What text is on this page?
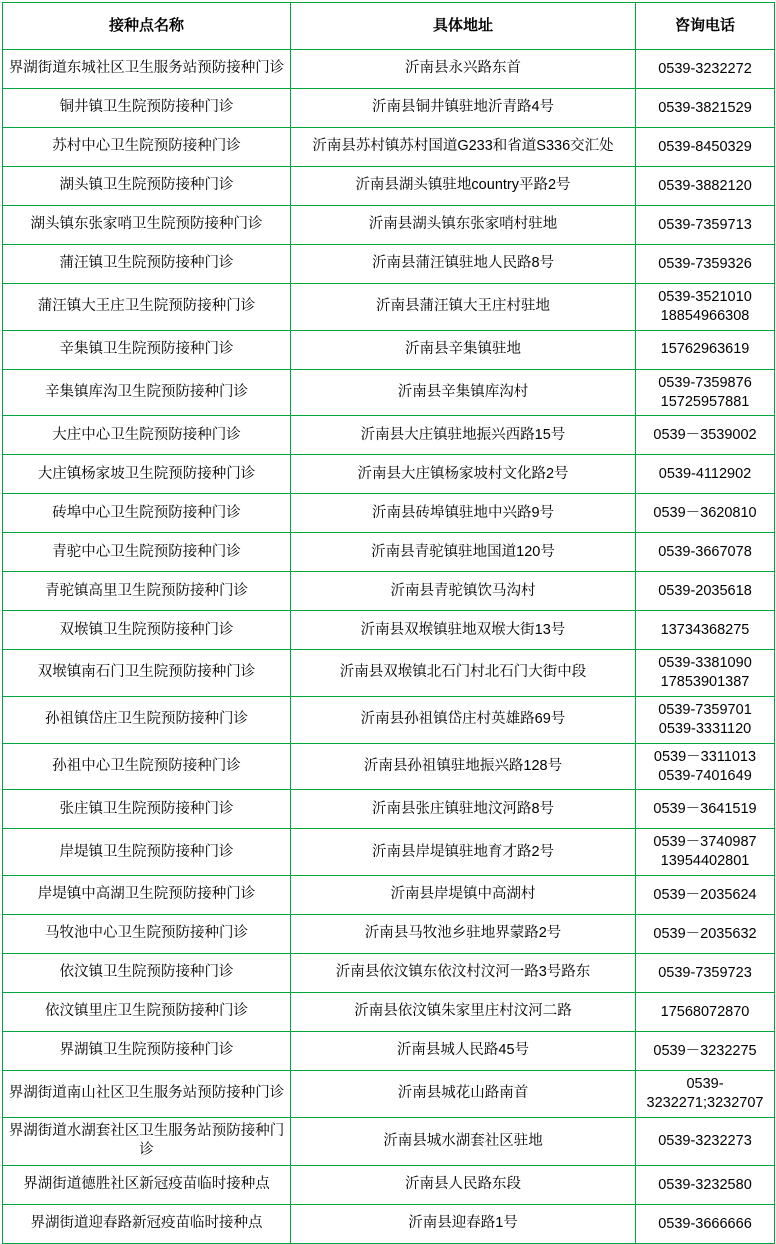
接种点名称	具体地址	咨询电话
界湖街道东城社区卫生服务站预防接种门诊	沂南县永兴路东首	0539-3232272

铜井镇卫生院预防接种门诊	沂南县铜井镇驻地沂青路4号	0539-3821529

苏村中心卫生院预防接种门诊	沂南县苏村镇苏村国道G233和省道S336交汇处	0539-8450329

湖头镇卫生院预防接种门诊	沂南县湖头镇驻地country平路2号	0539-3882120

湖头镇东张家哨卫生院预防接种门诊	沂南县湖头镇东张家哨村驻地	0539-7359713

蒲汪镇卫生院预防接种门诊	沂南县蒲汪镇驻地人民路8号	0539-7359326

蒲汪镇大王庄卫生院预防接种门诊	沂南县蒲汪镇大王庄村驻地	0539-3521010
18854966308

辛集镇卫生院预防接种门诊	沂南县辛集镇驻地	15762963619

辛集镇库沟卫生院预防接种门诊	沂南县辛集镇库沟村	0539-7359876
15725957881

大庄中心卫生院预防接种门诊	沂南县大庄镇驻地振兴西路15号	0539－3539002

大庄镇杨家坡卫生院预防接种门诊	沂南县大庄镇杨家坡村文化路2号	0539-4112902

砖埠中心卫生院预防接种门诊	沂南县砖埠镇驻地中兴路9号	0539－3620810

青驼中心卫生院预防接种门诊	沂南县青驼镇驻地国道120号	0539-3667078

青驼镇高里卫生院预防接种门诊	沂南县青驼镇饮马沟村	0539-2035618

双堠镇卫生院预防接种门诊	沂南县双堠镇驻地双堠大街13号	13734368275

双堠镇南石门卫生院预防接种门诊	沂南县双堠镇北石门村北石门大街中段	0539-3381090
17853901387

孙祖镇岱庄卫生院预防接种门诊	沂南县孙祖镇岱庄村英雄路69号	0539-7359701
0539-3331120

孙祖中心卫生院预防接种门诊	沂南县孙祖镇驻地振兴路128号	0539－3311013
0539-7401649

张庄镇卫生院预防接种门诊	沂南县张庄镇驻地汶河路8号	0539－3641519

岸堤镇卫生院预防接种门诊	沂南县岸堤镇驻地育才路2号	0539－3740987
13954402801

岸堤镇中高湖卫生院预防接种门诊	沂南县岸堤镇中高湖村	0539－2035624

马牧池中心卫生院预防接种门诊	沂南县马牧池乡驻地界蒙路2号	0539－2035632

依汶镇卫生院预防接种门诊	沂南县依汶镇东依汶村汶河一路3号路东	0539-7359723

依汶镇里庄卫生院预防接种门诊	沂南县依汶镇朱家里庄村汶河二路	17568072870

界湖镇卫生院预防接种门诊	沂南县城人民路45号	0539－3232275

界湖街道南山社区卫生服务站预防接种门诊	沂南县城花山路南首	0539-
3232271;3232707

界湖街道水湖套社区卫生服务站预防接种门诊	沂南县城水湖套社区驻地	0539-3232273

界湖街道德胜社区新冠疫苗临时接种点	沂南县人民路东段	0539-3232580

界湖街道迎春路新冠疫苗临时接种点	沂南县迎春路1号	0539-3666666
